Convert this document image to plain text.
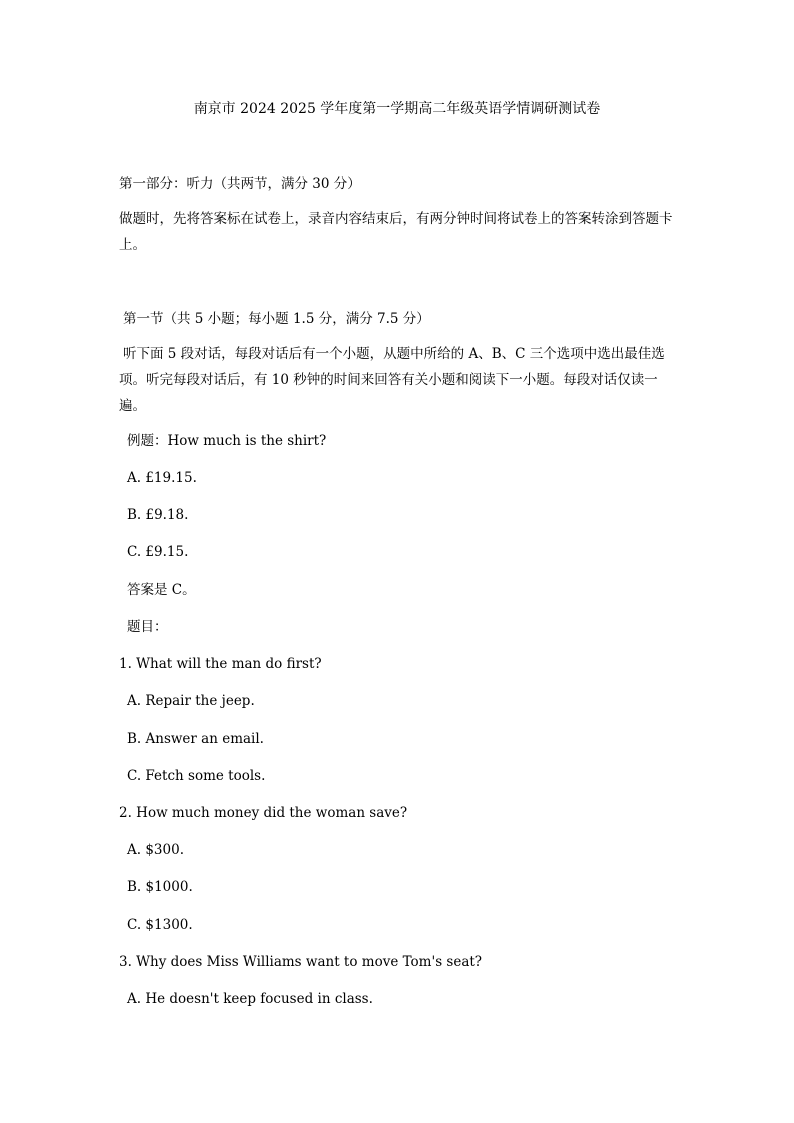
南京市 2024 2025 学年度第一学期高二年级英语学情调研测试卷
第一部分：听力（共两节，满分 30 分）
做题时，先将答案标在试卷上，录音内容结束后，有两分钟时间将试卷上的答案转涂到答题卡上。
第一节（共 5 小题；每小题 1.5 分，满分 7.5 分）
听下面 5 段对话，每段对话后有一个小题，从题中所给的 A、B、C 三个选项中选出最佳选项。听完每段对话后，有 10 秒钟的时间来回答有关小题和阅读下一小题。每段对话仅读一遍。
例题：How much is the shirt?
A. £19.15.
B. £9.18.
C. £9.15.
答案是 C。
题目：
1. What will the man do first?
A. Repair the jeep.
B. Answer an email.
C. Fetch some tools.
2. How much money did the woman save?
A. $300.
B. $1000.
C. $1300.
3. Why does Miss Williams want to move Tom's seat?
A. He doesn't keep focused in class.
